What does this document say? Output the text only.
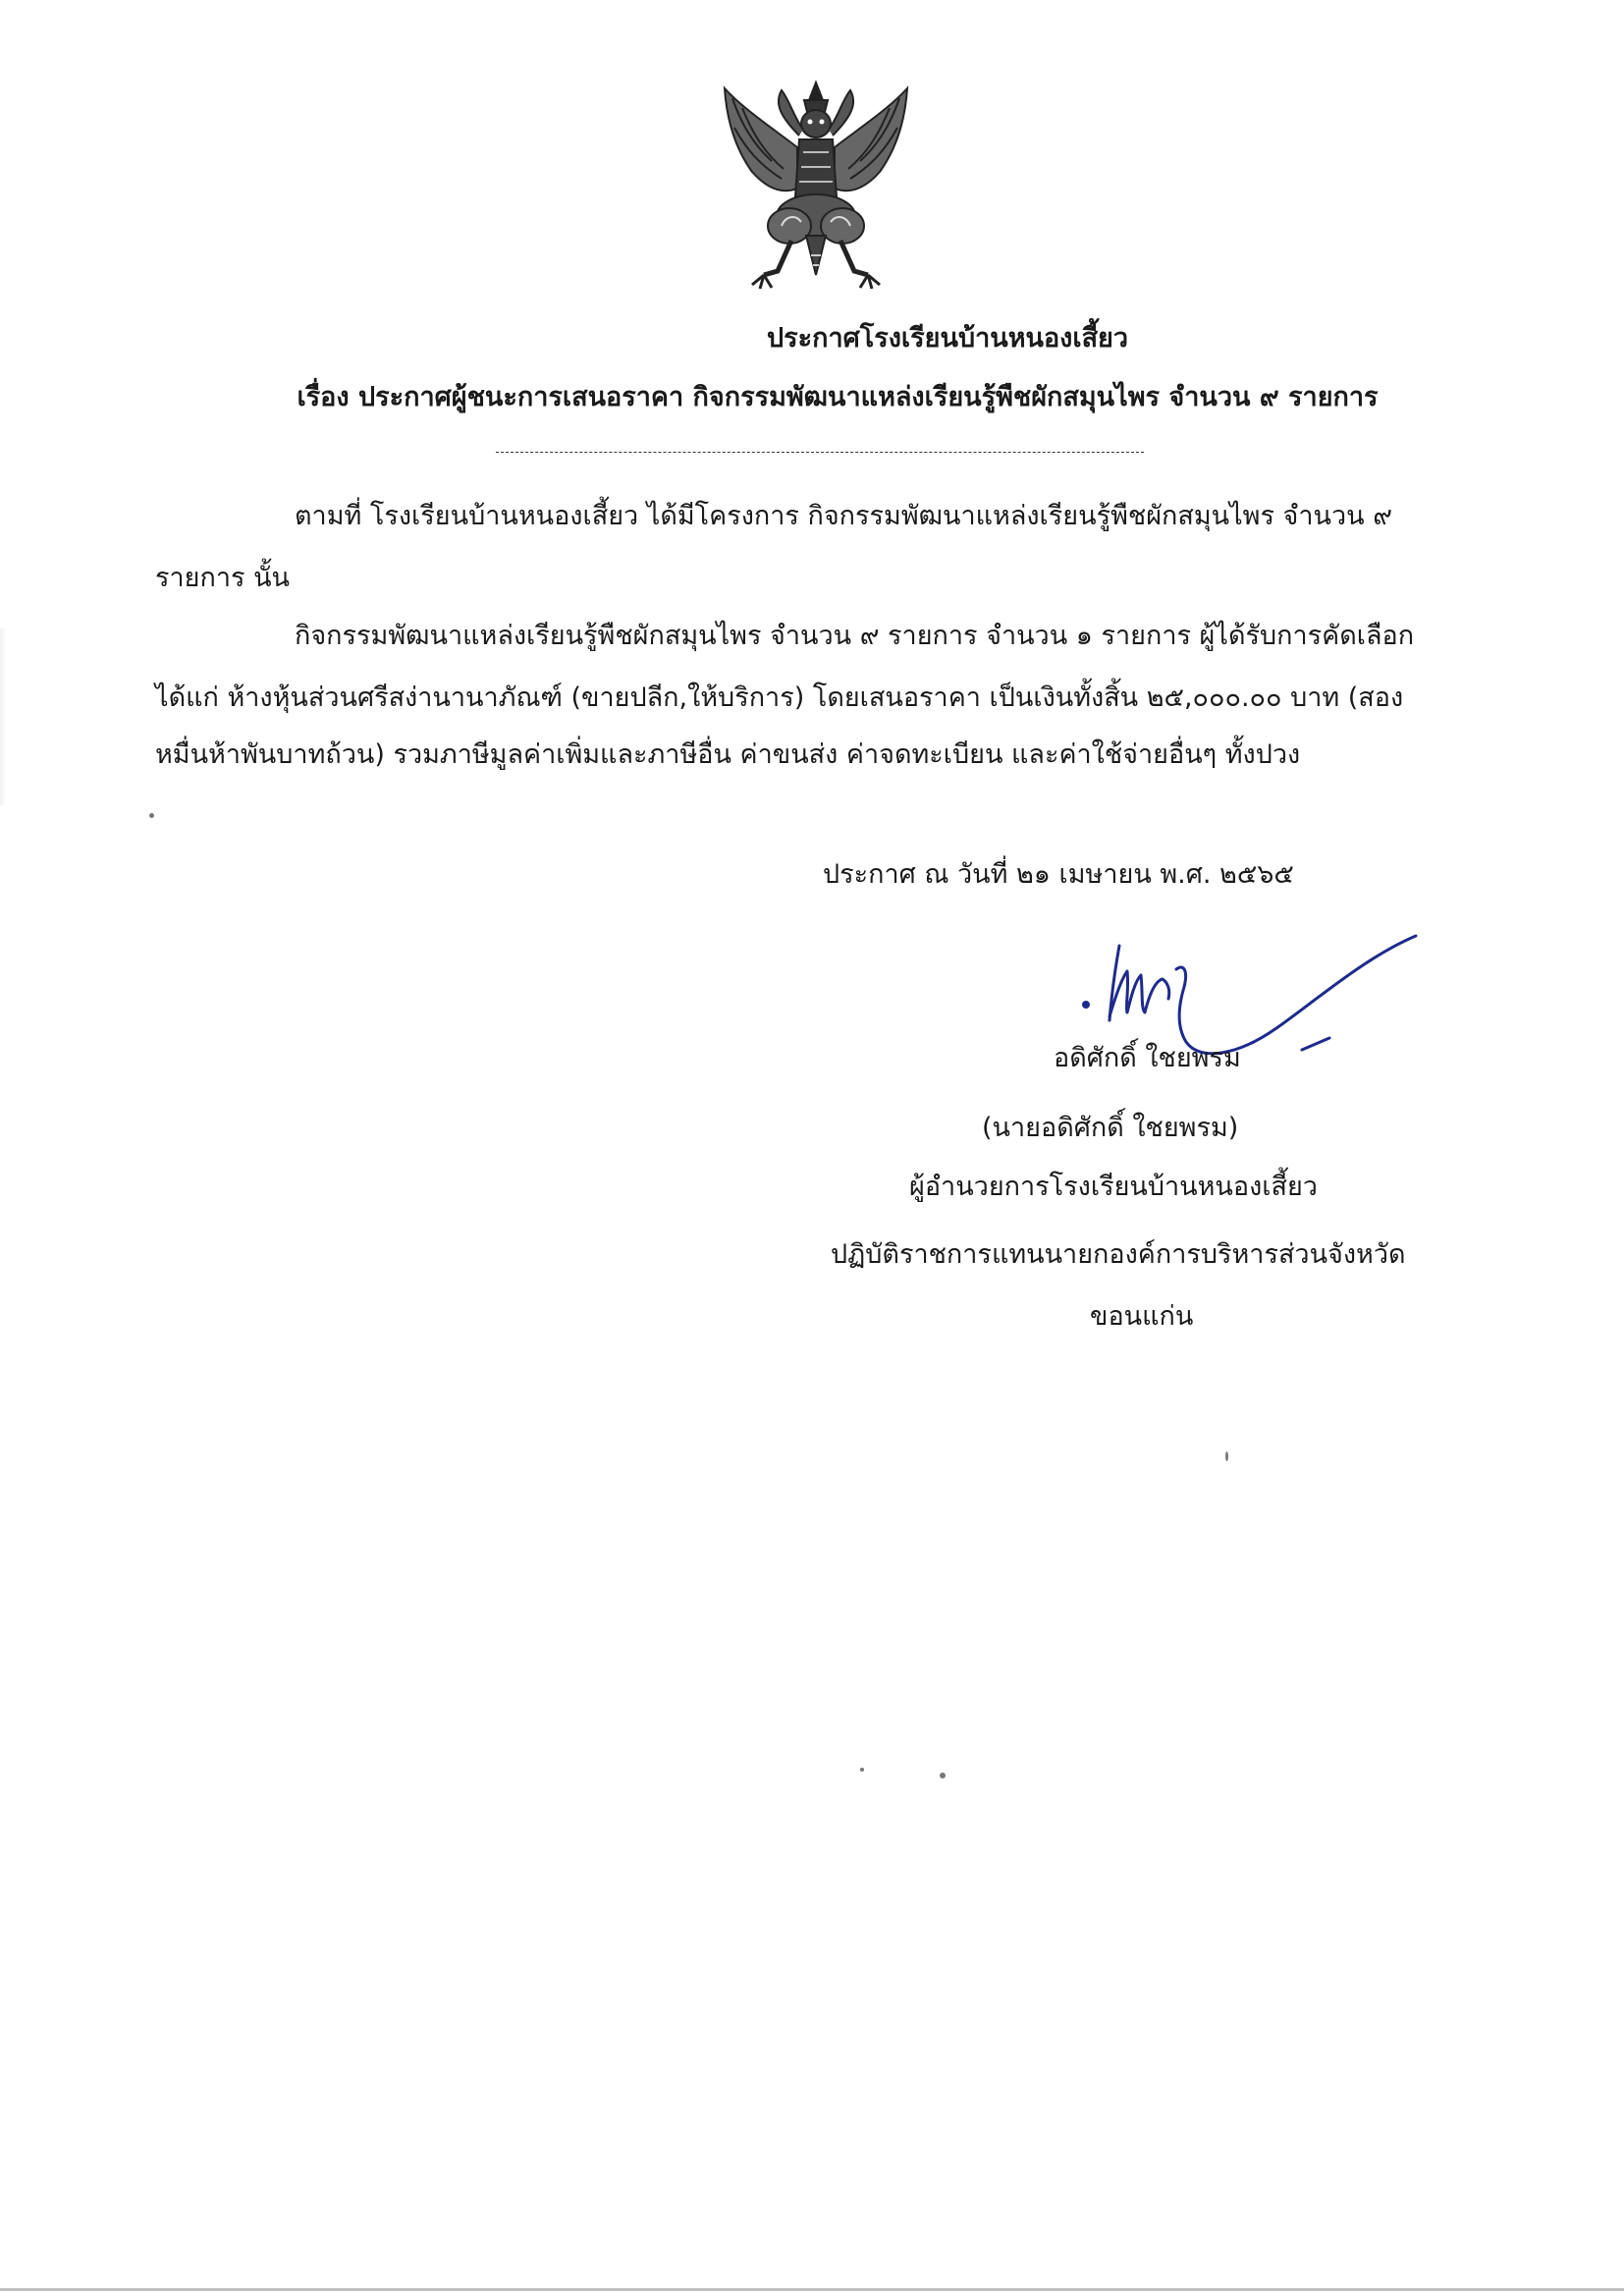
ประกาศโรงเรียนบ้านหนองเสี้ยว
เรื่อง ประกาศผู้ชนะการเสนอราคา กิจกรรมพัฒนาแหล่งเรียนรู้พืชผักสมุนไพร จำนวน ๙ รายการ
ตามที่ โรงเรียนบ้านหนองเสี้ยว ได้มีโครงการ กิจกรรมพัฒนาแหล่งเรียนรู้พืชผักสมุนไพร จำนวน ๙
รายการ นั้น
กิจกรรมพัฒนาแหล่งเรียนรู้พืชผักสมุนไพร จำนวน ๙ รายการ จำนวน ๑ รายการ ผู้ได้รับการคัดเลือก
ได้แก่ ห้างหุ้นส่วนศรีสง่านานาภัณฑ์ (ขายปลีก,ให้บริการ) โดยเสนอราคา เป็นเงินทั้งสิ้น ๒๕,๐๐๐.๐๐ บาท (สอง
หมื่นห้าพันบาทถ้วน) รวมภาษีมูลค่าเพิ่มและภาษีอื่น ค่าขนส่ง ค่าจดทะเบียน และค่าใช้จ่ายอื่นๆ ทั้งปวง
ประกาศ ณ วันที่ ๒๑ เมษายน พ.ศ. ๒๕๖๕
อดิศักดิ์ ใชยพรม
(นายอดิศักดิ์ ใชยพรม)
ผู้อำนวยการโรงเรียนบ้านหนองเสี้ยว
ปฏิบัติราชการแทนนายกองค์การบริหารส่วนจังหวัด
ขอนแก่น
